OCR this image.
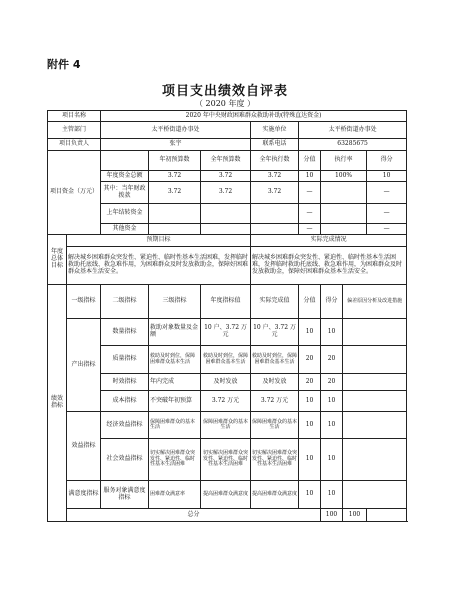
附件 4
项目支出绩效自评表
（ 2020 年度 ）
项目名称		2020 年中央财政困难群众救助补助(特殊直达资金)							
主管部门		太平桥街道办事处			实施单位	太平桥街道办事处			
项目负责人		张宇			联系电话	63285675			
项目资金（万元）			年初预算数	全年预算数	全年执行数	分值	执行率		得分
		年度资金总额	3.72	3.72	3.72	10	100%		10
		其中：当年财政拨款	3.72	3.72	3.72	—			—
		上年结转资金				—			—
		其他资金				—			—
年度总体目标	预期目标				实际完成情况				
	解决城乡困难群众突发性、紧迫性、临时性基本生活困难，发挥临时救助托底线、救急难作用，为困难群众及时发放救助金，保障好困难群众基本生活安全。				解决城乡困难群众突发性、紧迫性、临时性基本生活困难，发挥临时救助托底线、救急难作用，为困难群众及时发放救助金，保障好困难群众基本生活安全。				
绩效指标	一级指标	二级指标	三级指标	年度指标值	实际完成值	分值	得分	偏差原因分析及改进措施	
	产出指标	数量指标	救助对象数量及金额	10 户、3.72 万元	10 户、3.72 万元	10	10		
		质量指标	救助及时到位，保障困难群众基本生活	救助及时到位，保障困难群众基本生活	救助及时到位，保障困难群众基本生活	20	20		
		时效指标	年内完成	及时发放	及时发放	20	20		
		成本指标	不突破年初预算	3.72 万元	3.72 万元	10	10		
	效益指标	经济效益指标	保障困难群众的基本生活	保障困难群众的基本生活	保障困难群众的基本生活	10	10		
		社会效益指标	切实解决困难群众突发性、紧迫性、临时性基本生活困难	切实解决困难群众突发性、紧迫性、临时性基本生活困难	切实解决困难群众突发性、紧迫性、临时性基本生活困难	10	10		
	满意度指标	服务对象满意度指标	困难群众满意率	提高困难群众满意度	提高困难群众满意度	10	10		
	总分						100	100	
